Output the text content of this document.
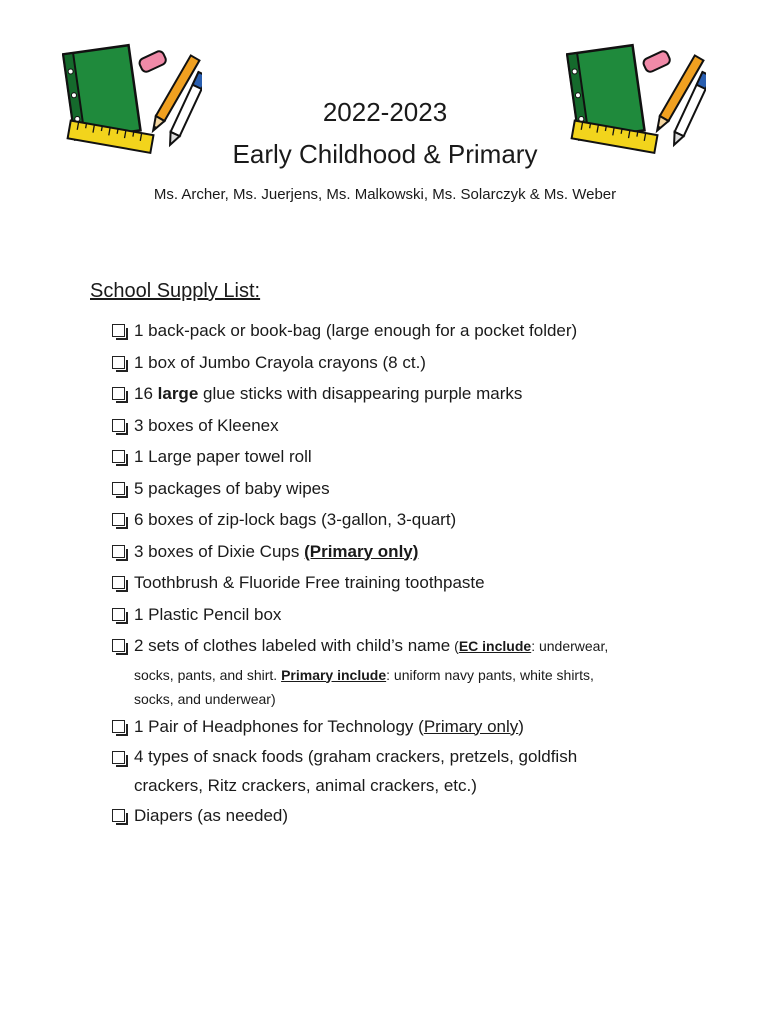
2022-2023

Early Childhood & Primary

Ms. Archer, Ms. Juerjens, Ms. Malkowski, Ms. Solarczyk & Ms. Weber

School Supply List:

1 back-pack or book-bag (large enough for a pocket folder)
1 box of Jumbo Crayola crayons (8 ct.)
16 large glue sticks with disappearing purple marks
3 boxes of Kleenex
1 Large paper towel roll
5 packages of baby wipes
6 boxes of zip-lock bags (3-gallon, 3-quart)
3 boxes of Dixie Cups (Primary only)
Toothbrush & Fluoride Free training toothpaste
1 Plastic Pencil box
2 sets of clothes labeled with child’s name (EC include: underwear,
socks, pants, and shirt. Primary include: uniform navy pants, white shirts,
socks, and underwear)
1 Pair of Headphones for Technology (Primary only)
4 types of snack foods (graham crackers, pretzels, goldfish
crackers, Ritz crackers, animal crackers, etc.)
Diapers (as needed)
